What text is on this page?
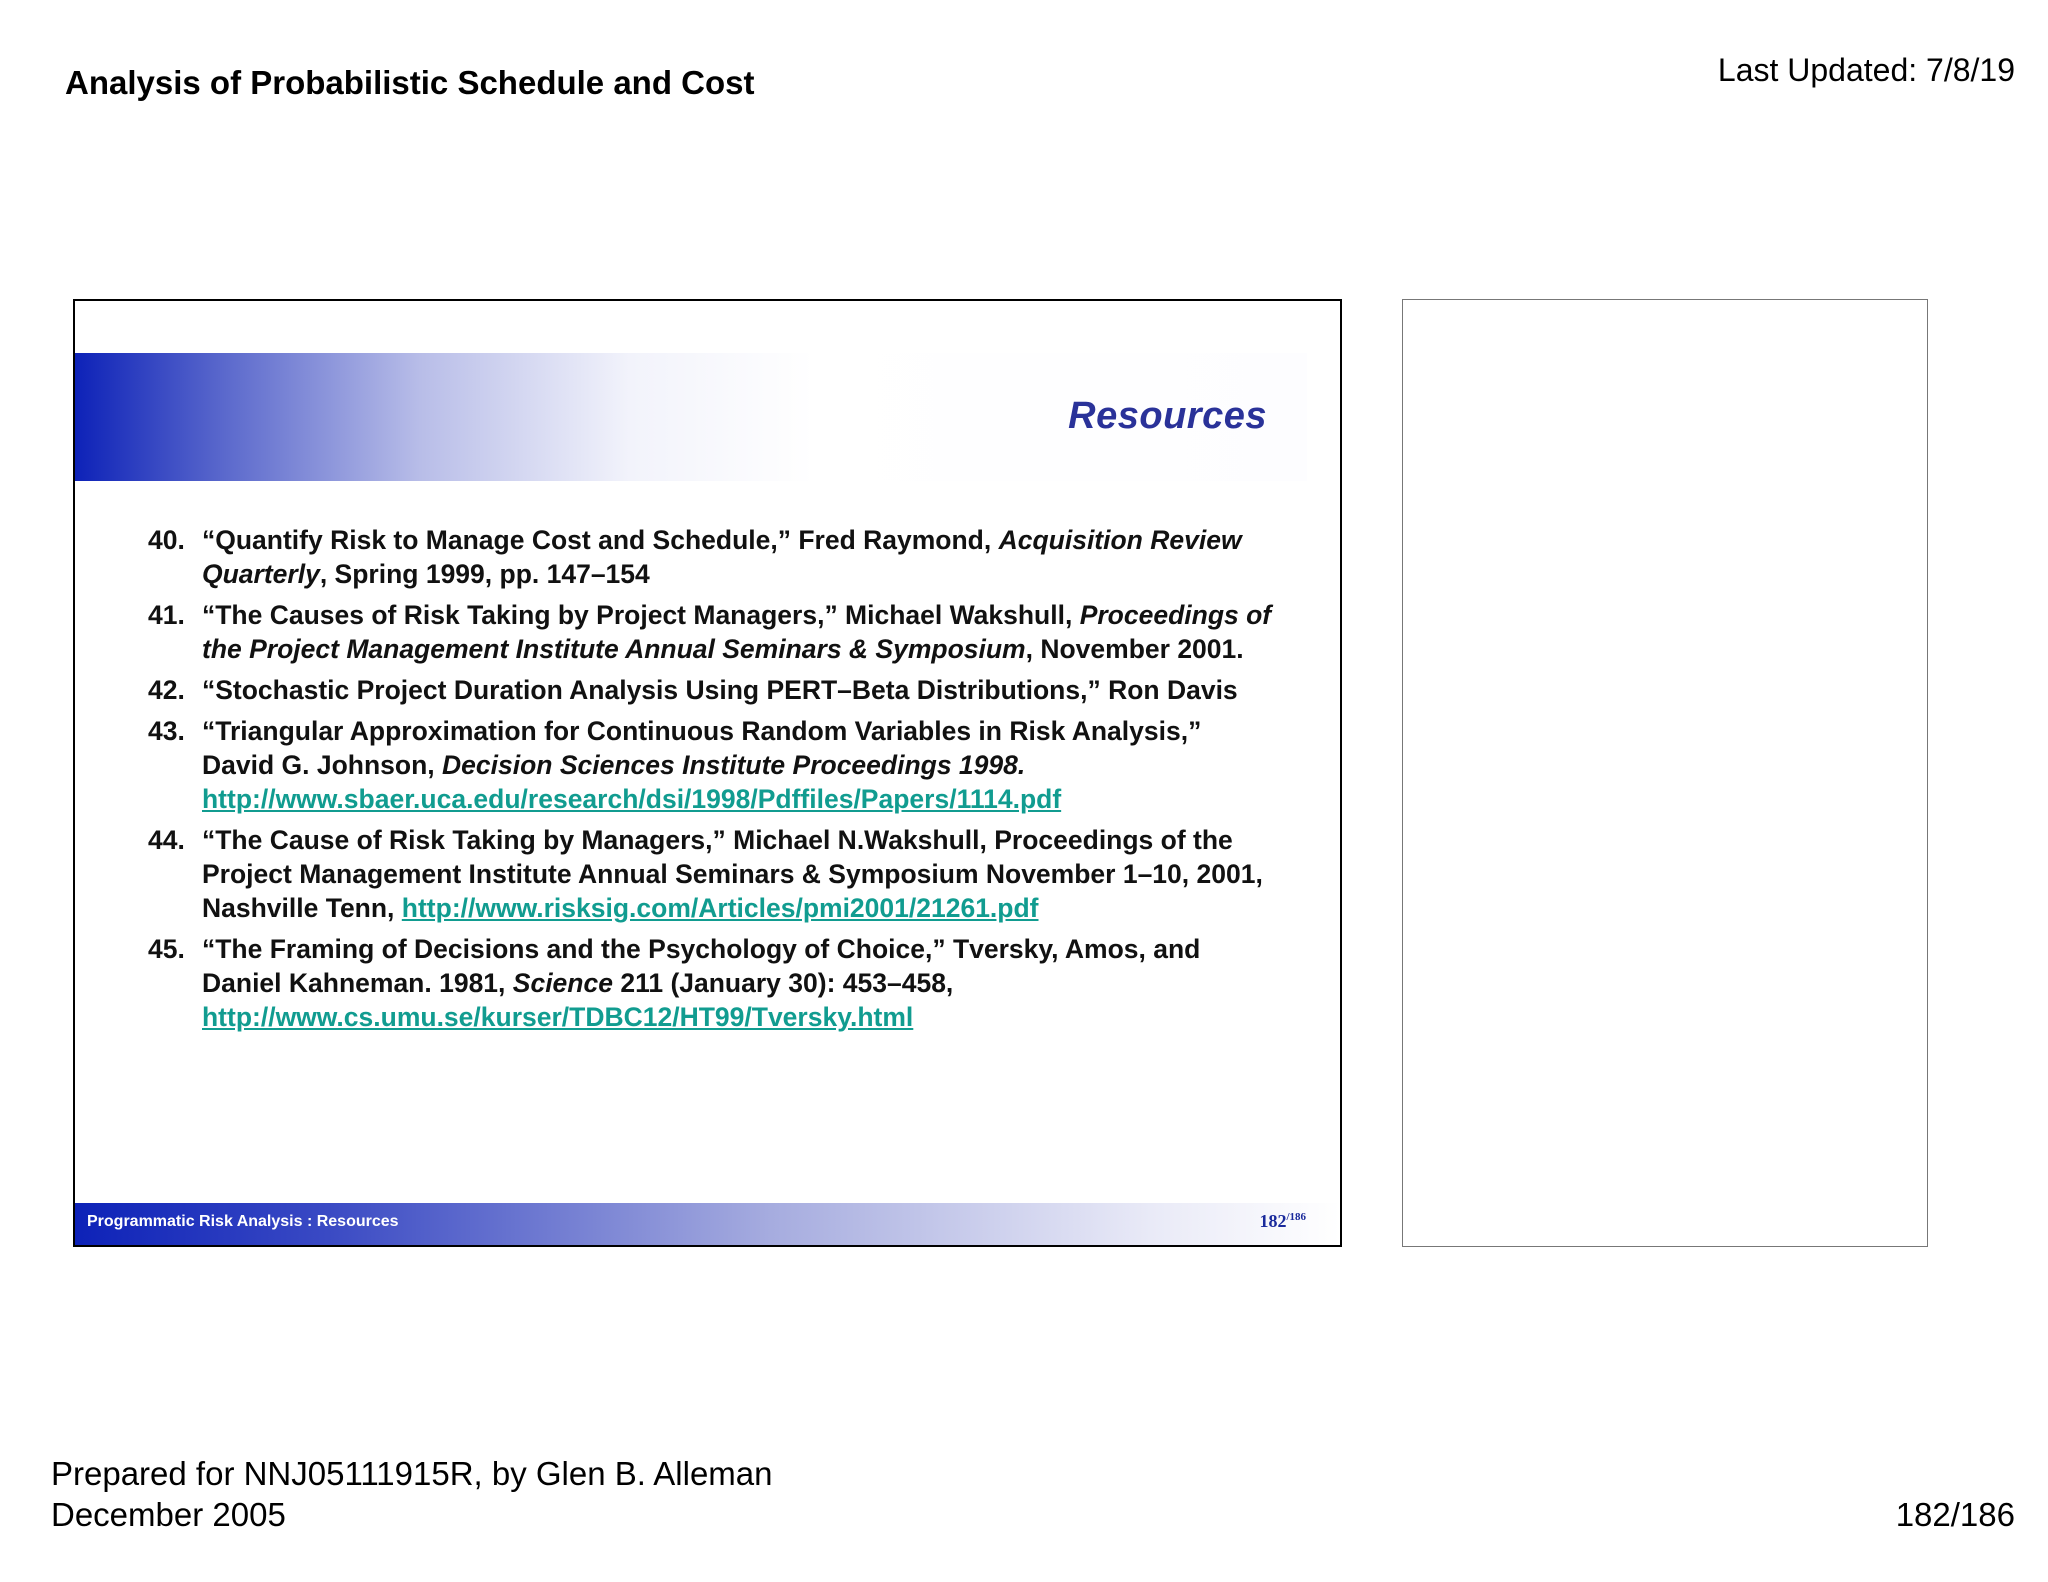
Analysis of Probabilistic Schedule and Cost	Last Updated: 7/8/19
Resources
40. “Quantify Risk to Manage Cost and Schedule,” Fred Raymond, Acquisition Review Quarterly, Spring 1999, pp. 147–154
41. “The Causes of Risk Taking by Project Managers,” Michael Wakshull, Proceedings of the Project Management Institute Annual Seminars & Symposium, November 2001.
42. “Stochastic Project Duration Analysis Using PERT–Beta Distributions,” Ron Davis
43. “Triangular Approximation for Continuous Random Variables in Risk Analysis,” David G. Johnson, Decision Sciences Institute Proceedings 1998. http://www.sbaer.uca.edu/research/dsi/1998/Pdffiles/Papers/1114.pdf
44. “The Cause of Risk Taking by Managers,” Michael N.Wakshull, Proceedings of the Project Management Institute Annual Seminars & Symposium November 1–10, 2001, Nashville Tenn, http://www.risksig.com/Articles/pmi2001/21261.pdf
45. “The Framing of Decisions and the Psychology of Choice,” Tversky, Amos, and Daniel Kahneman. 1981, Science 211 (January 30): 453–458, http://www.cs.umu.se/kurser/TDBC12/HT99/Tversky.html
Programmatic Risk Analysis : Resources	$182^{/186}$
Prepared for NNJ05111915R, by Glen B. Alleman
December 2005	182/186
